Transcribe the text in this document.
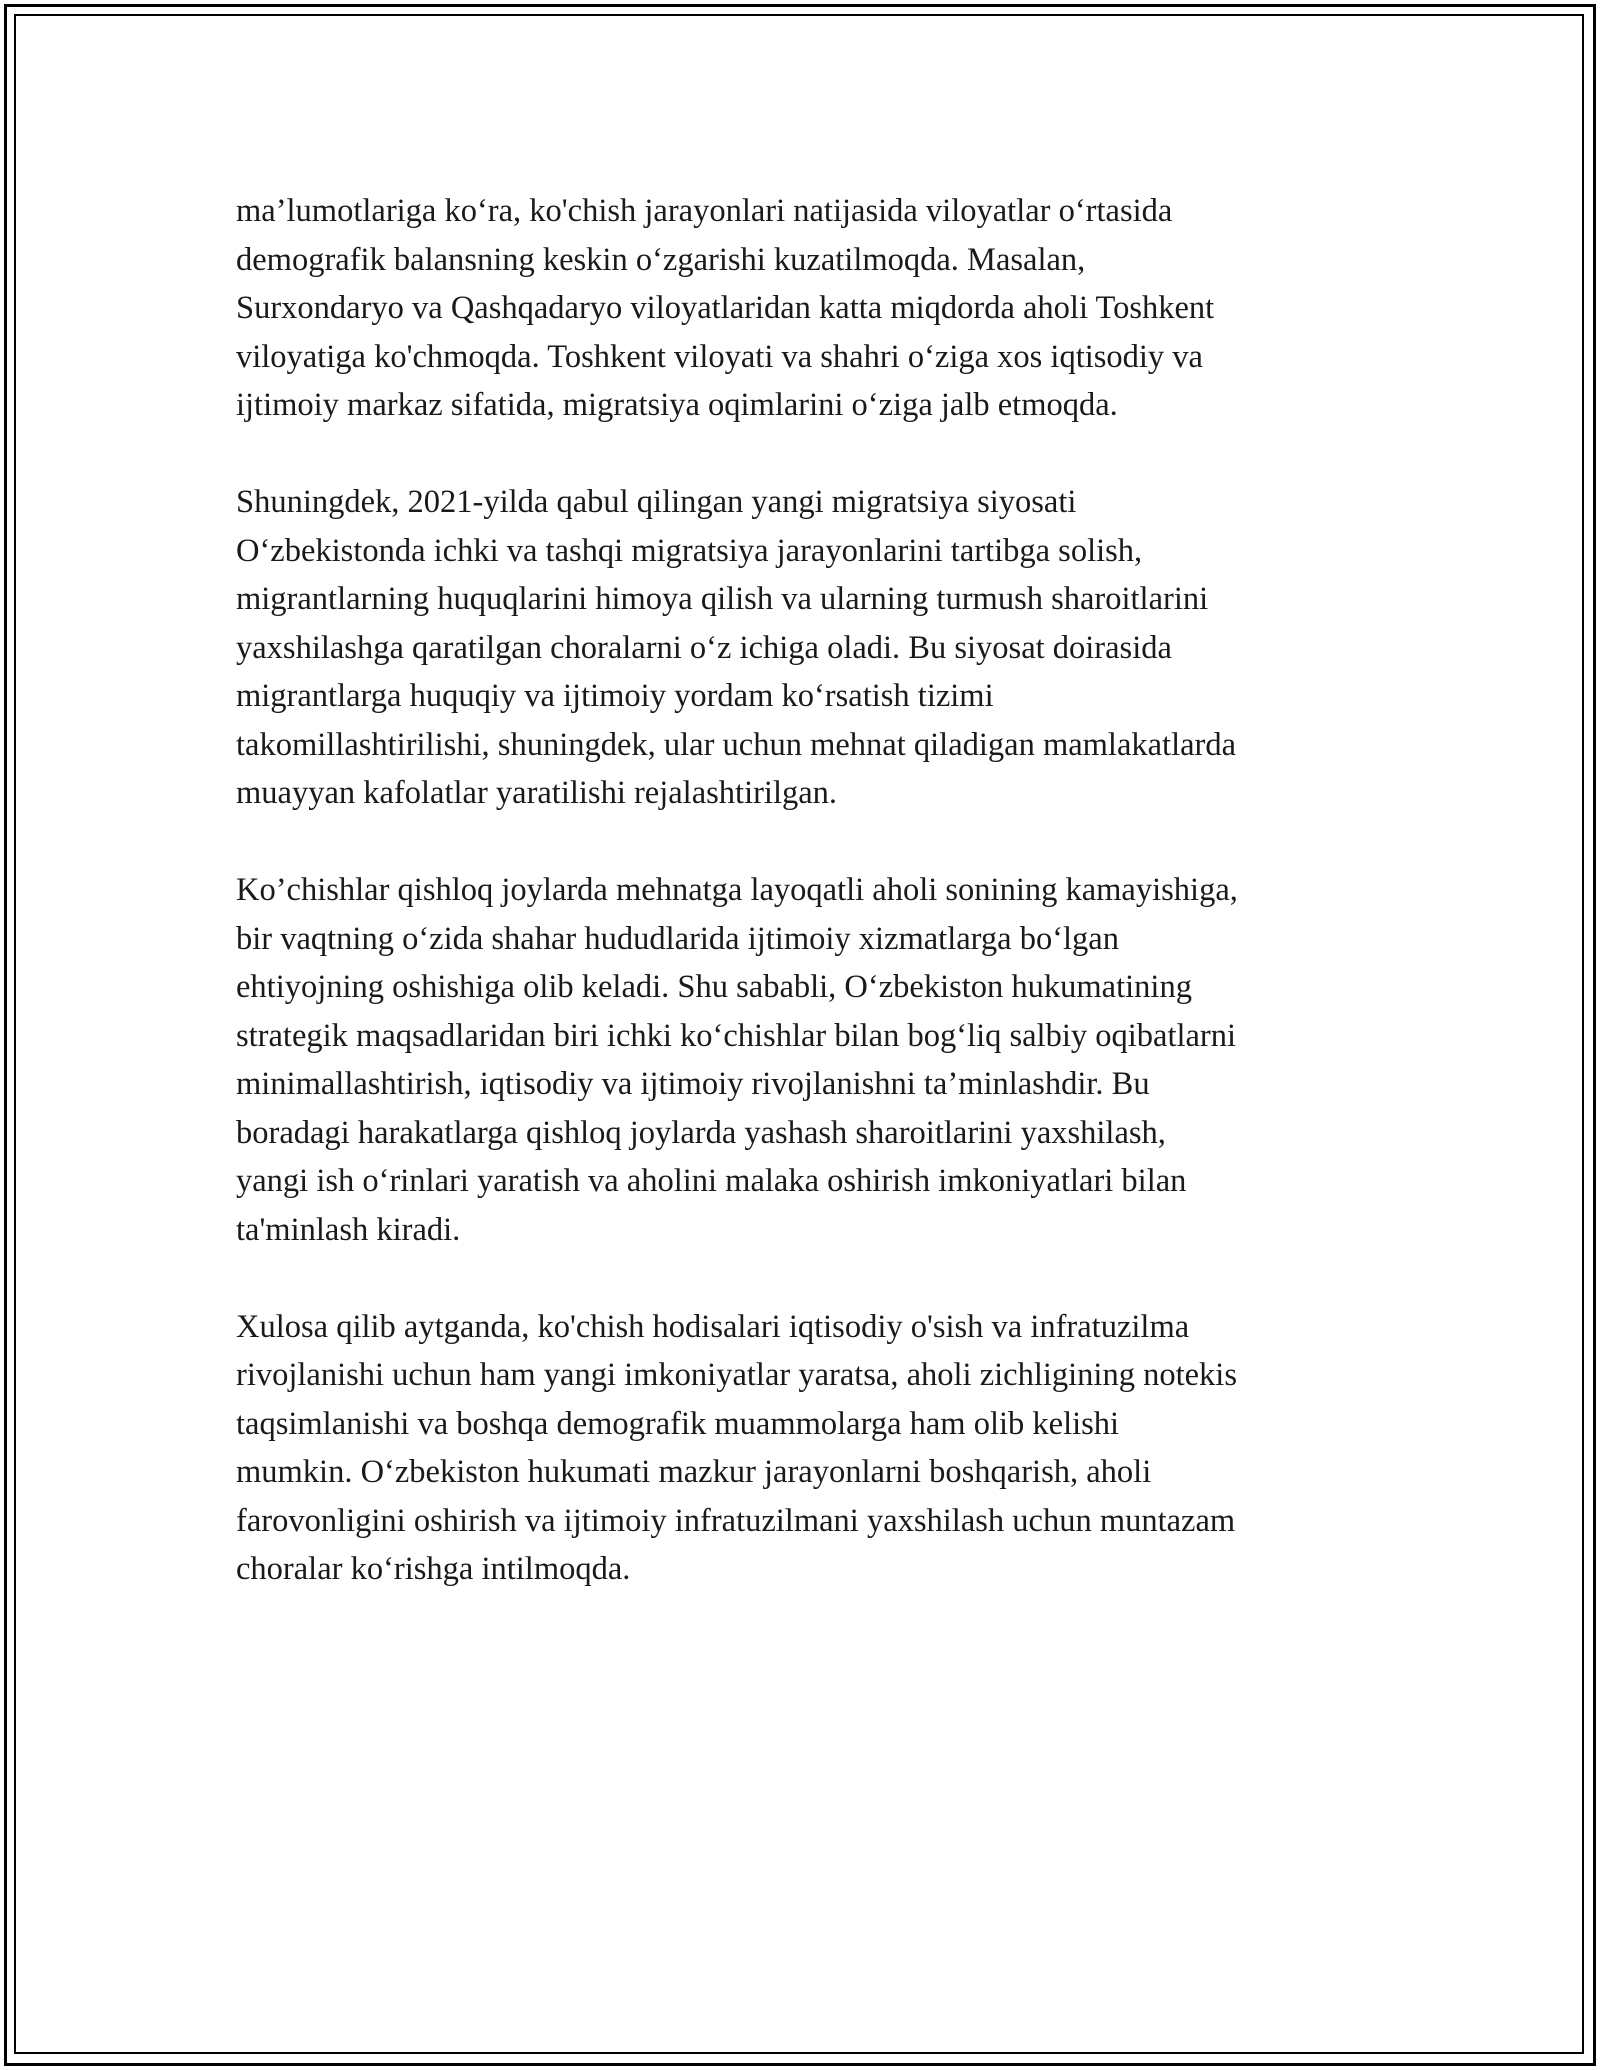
ma’lumotlariga koʻra, ko'chish jarayonlari natijasida viloyatlar oʻrtasida
demografik balansning keskin oʻzgarishi kuzatilmoqda. Masalan,
Surxondaryo va Qashqadaryo viloyatlaridan katta miqdorda aholi Toshkent
viloyatiga ko'chmoqda. Toshkent viloyati va shahri oʻziga xos iqtisodiy va
ijtimoiy markaz sifatida, migratsiya oqimlarini oʻziga jalb etmoqda.

Shuningdek, 2021-yilda qabul qilingan yangi migratsiya siyosati
Oʻzbekistonda ichki va tashqi migratsiya jarayonlarini tartibga solish,
migrantlarning huquqlarini himoya qilish va ularning turmush sharoitlarini
yaxshilashga qaratilgan choralarni oʻz ichiga oladi. Bu siyosat doirasida
migrantlarga huquqiy va ijtimoiy yordam koʻrsatish tizimi
takomillashtirilishi, shuningdek, ular uchun mehnat qiladigan mamlakatlarda
muayyan kafolatlar yaratilishi rejalashtirilgan.

Ko’chishlar qishloq joylarda mehnatga layoqatli aholi sonining kamayishiga,
bir vaqtning oʻzida shahar hududlarida ijtimoiy xizmatlarga boʻlgan
ehtiyojning oshishiga olib keladi. Shu sababli, Oʻzbekiston hukumatining
strategik maqsadlaridan biri ichki koʻchishlar bilan bogʻliq salbiy oqibatlarni
minimallashtirish, iqtisodiy va ijtimoiy rivojlanishni ta’minlashdir. Bu
boradagi harakatlarga qishloq joylarda yashash sharoitlarini yaxshilash,
yangi ish oʻrinlari yaratish va aholini malaka oshirish imkoniyatlari bilan
ta'minlash kiradi.

Xulosa qilib aytganda, ko'chish hodisalari iqtisodiy o'sish va infratuzilma
rivojlanishi uchun ham yangi imkoniyatlar yaratsa, aholi zichligining notekis
taqsimlanishi va boshqa demografik muammolarga ham olib kelishi
mumkin. Oʻzbekiston hukumati mazkur jarayonlarni boshqarish, aholi
farovonligini oshirish va ijtimoiy infratuzilmani yaxshilash uchun muntazam
choralar koʻrishga intilmoqda.
